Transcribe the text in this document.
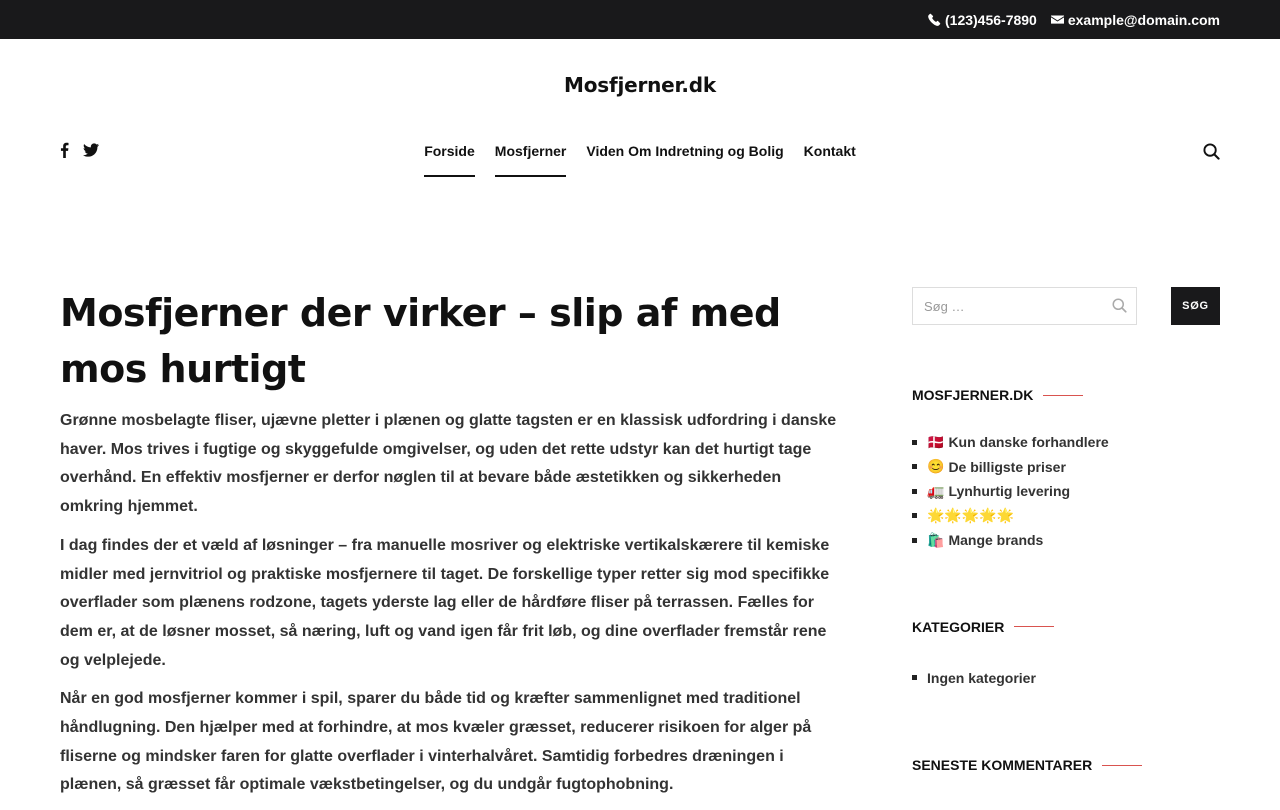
(123)456-7890 example@domain.com
Mosfjerner.dk
Forside Mosfjerner Viden Om Indretning og Bolig Kontakt
Mosfjerner der virker – slip af med mos hurtigt

Grønne mosbelagte fliser, ujævne pletter i plænen og glatte tagsten er en klassisk udfordring i danske haver. Mos trives i fugtige og skyggefulde omgivelser, og uden det rette udstyr kan det hurtigt tage overhånd. En effektiv mosfjerner er derfor nøglen til at bevare både æstetikken og sikkerheden omkring hjemmet.

I dag findes der et væld af løsninger – fra manuelle mosriver og elektriske vertikalskærere til kemiske midler med jernvitriol og praktiske mosfjernere til taget. De forskellige typer retter sig mod specifikke overflader som plænens rodzone, tagets yderste lag eller de hårdføre fliser på terrassen. Fælles for dem er, at de løsner mosset, så næring, luft og vand igen får frit løb, og dine overflader fremstår rene og velplejede.

Når en god mosfjerner kommer i spil, sparer du både tid og kræfter sammenlignet med traditionel håndlugning. Den hjælper med at forhindre, at mos kvæler græsset, reducerer risikoen for alger på fliserne og mindsker faren for glatte overflader i vinterhalvåret. Samtidig forbedres dræningen i plænen, så græsset får optimale vækstbetingelser, og du undgår fugtophobning.

Søg …
SØG
MOSFJERNER.DK
🇩🇰 Kun danske forhandlere
😊 De billigste priser
🚛 Lynhurtig levering
🌟🌟🌟🌟🌟
🛍️ Mange brands
KATEGORIER
Ingen kategorier
SENESTE KOMMENTARER
